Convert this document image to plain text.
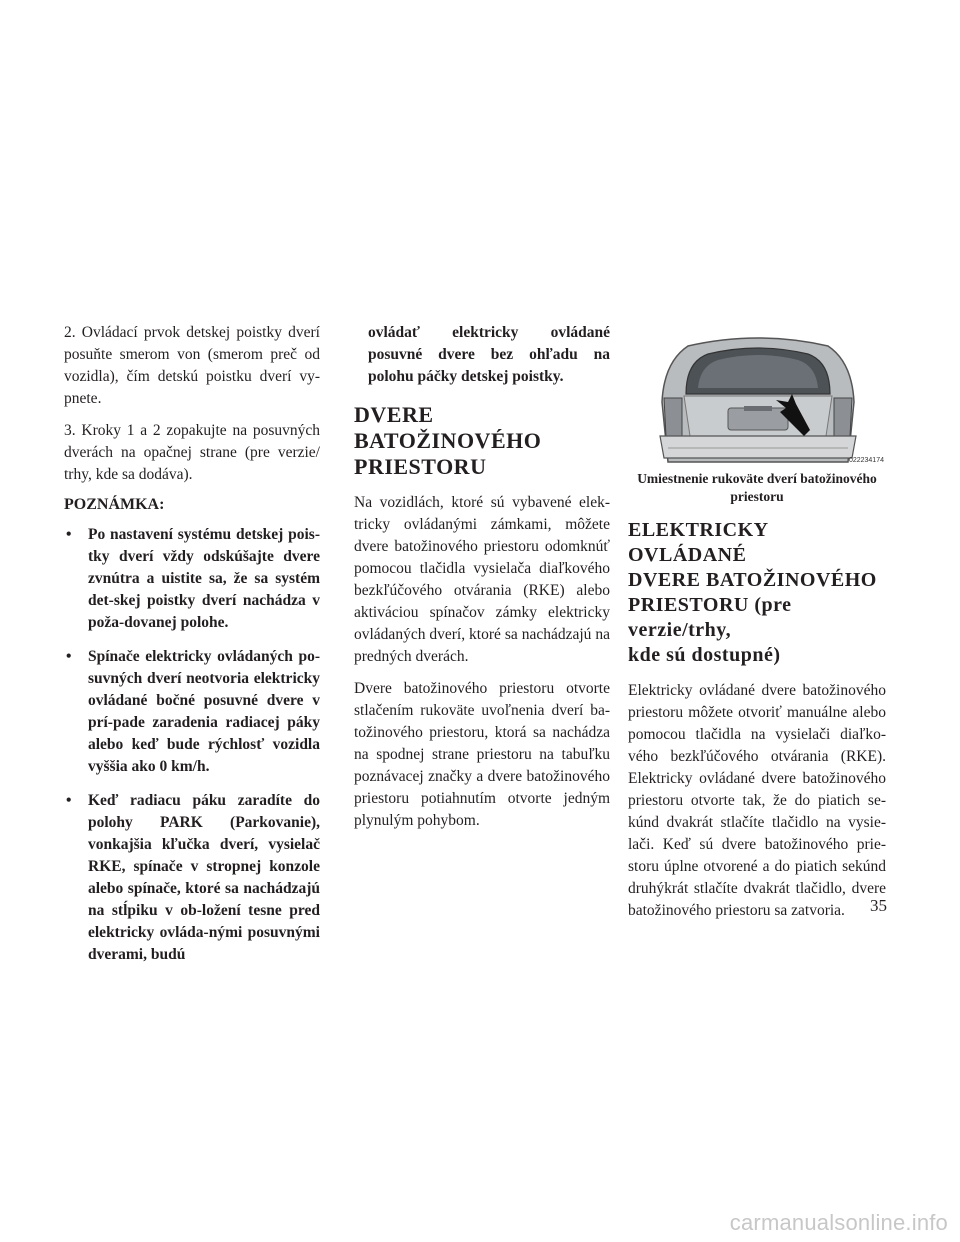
2. Ovládací prvok detskej poistky dverí posuňte smerom von (smerom preč od vozidla), čím detskú poistku dverí vy-pnete.

3. Kroky 1 a 2 zopakujte na posuvných dverách na opačnej strane (pre verzie/ trhy, kde sa dodáva).

POZNÁMKA:
• Po nastavení systému detskej pois-tky dverí vždy odskúšajte dvere zvnútra a uistite sa, že sa systém det-skej poistky dverí nachádza v poža-dovanej polohe.
• Spínače elektricky ovládaných po-suvných dverí neotvoria elektricky ovládané bočné posuvné dvere v prí-pade zaradenia radiacej páky alebo keď bude rýchlosť vozidla vyššia ako 0 km/h.
• Keď radiacu páku zaradíte do polohy PARK (Parkovanie), vonkajšia kľučka dverí, vysielač RKE, spínače v stropnej konzole alebo spínače, ktoré sa nachádzajú na stĺpiku v ob-ložení tesne pred elektricky ovláda-nými posuvnými dverami, budú

ovládať elektricky ovládané posuvné dvere bez ohľadu na polohu páčky detskej poistky.

DVERE
BATOŽINOVÉHO
PRIESTORU

Na vozidlách, ktoré sú vybavené elek-tricky ovládanými zámkami, môžete dvere batožinového priestoru odomknúť pomocou tlačidla vysielača diaľkového bezkľúčového otvárania (RKE) alebo aktiváciou spínačov zámky elektricky ovládaných dverí, ktoré sa nachádzajú na predných dverách.

Dvere batožinového priestoru otvorte stlačením rukoväte uvoľnenia dverí ba-tožinového priestoru, ktorá sa nachádza na spodnej strane priestoru na tabuľku poznávacej značky a dvere batožinového priestoru potiahnutím otvorte jedným plynulým pohybom.

022234174
Umiestnenie rukoväte dverí batožinového priestoru
ELEKTRICKY OVLÁDANÉ
DVERE BATOŽINOVÉHO
PRIESTORU (pre verzie/trhy,
kde sú dostupné)

Elektricky ovládané dvere batožinového priestoru môžete otvoriť manuálne alebo pomocou tlačidla na vysielači diaľko-vého bezkľúčového otvárania (RKE). Elektricky ovládané dvere batožinového priestoru otvorte tak, že do piatich se-kúnd dvakrát stlačíte tlačidlo na vysie-lači. Keď sú dvere batožinového prie-storu úplne otvorené a do piatich sekúnd druhýkrát stlačíte dvakrát tlačidlo, dvere batožinového priestoru sa zatvoria.	35
carmanualsonline.info
